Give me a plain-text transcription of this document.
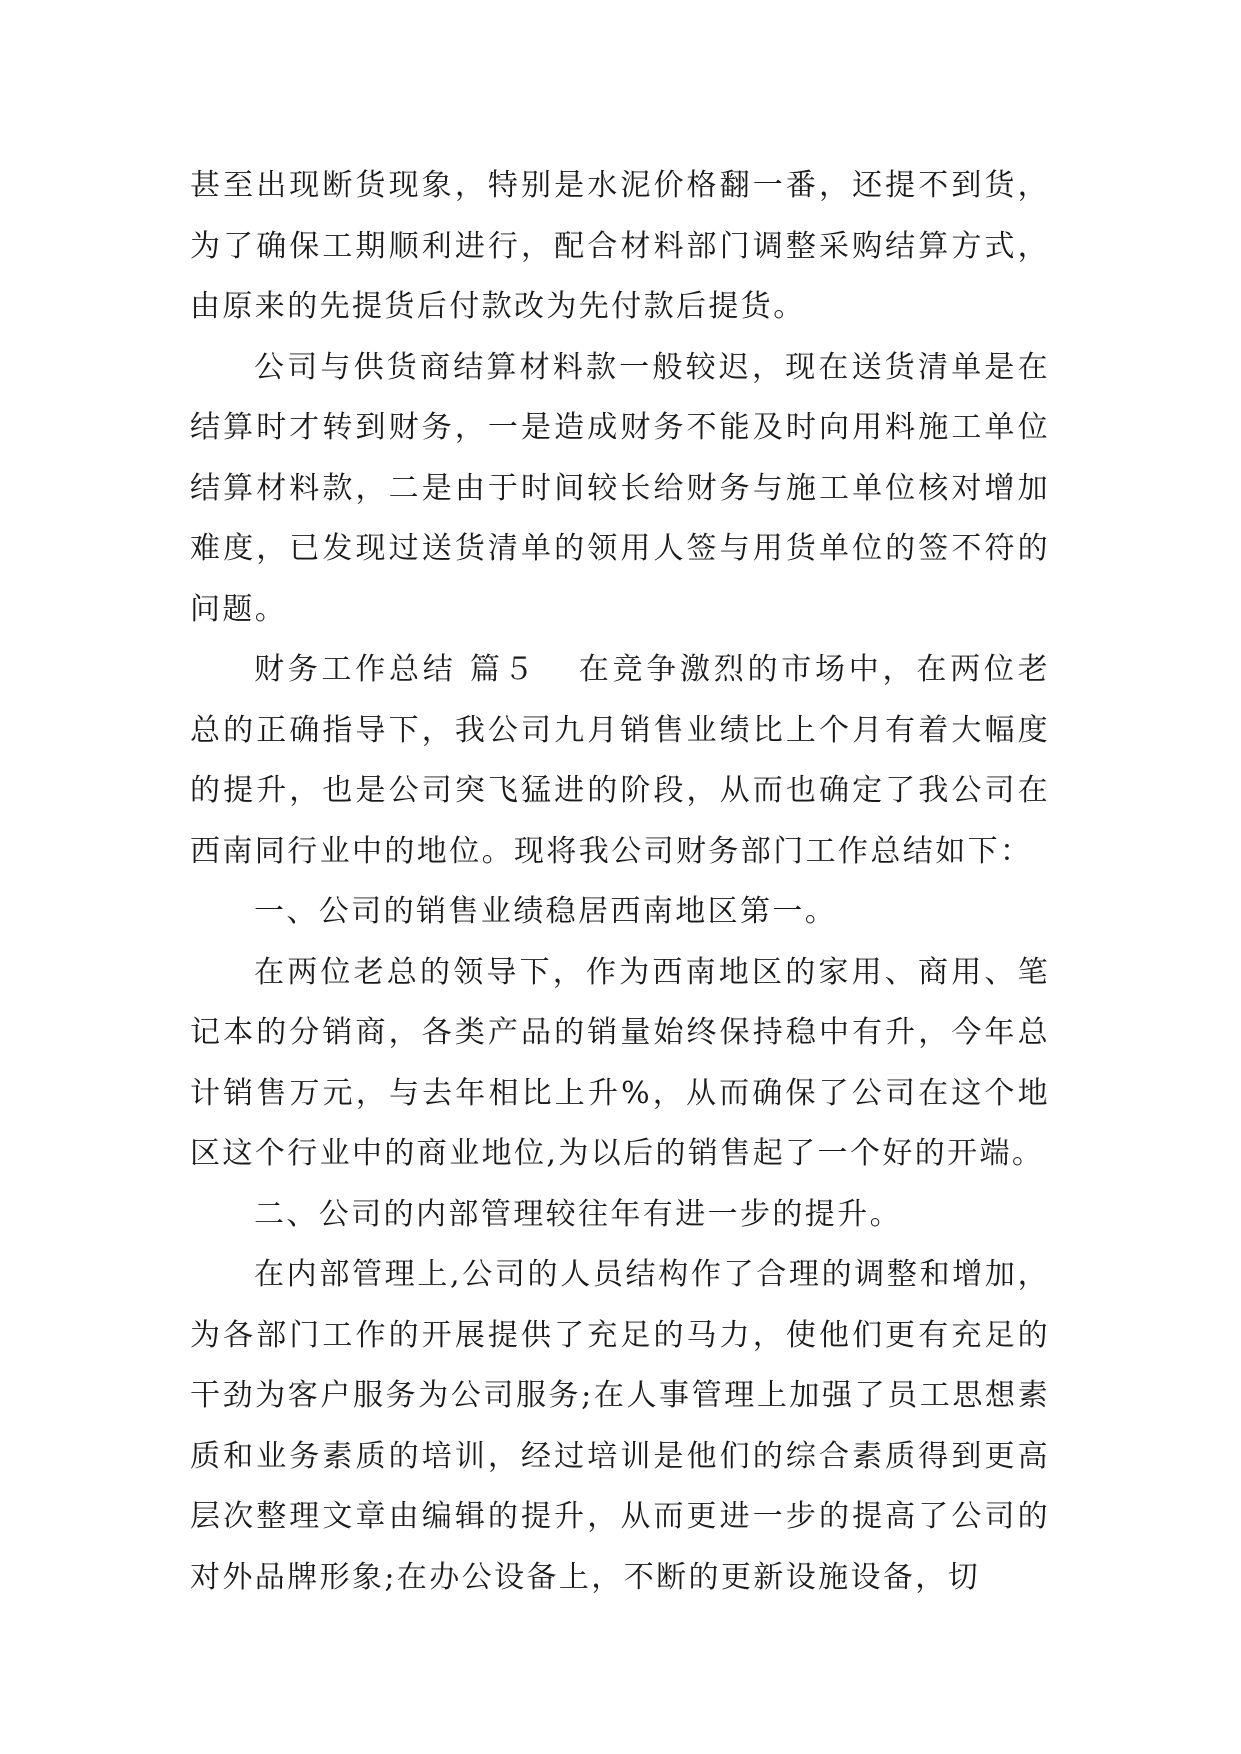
甚至出现断货现象，特别是水泥价格翻一番，还提不到货，为了确保工期顺利进行，配合材料部门调整采购结算方式，由原来的先提货后付款改为先付款后提货。

公司与供货商结算材料款一般较迟，现在送货清单是在结算时才转到财务，一是造成财务不能及时向用料施工单位结算材料款，二是由于时间较长给财务与施工单位核对增加难度，已发现过送货清单的领用人签与用货单位的签不符的问题。

财务工作总结 篇５ 在竞争激烈的市场中，在两位老总的正确指导下，我公司九月销售业绩比上个月有着大幅度的提升，也是公司突飞猛进的阶段，从而也确定了我公司在西南同行业中的地位。现将我公司财务部门工作总结如下：

一、公司的销售业绩稳居西南地区第一。

在两位老总的领导下，作为西南地区的家用、商用、笔记本的分销商，各类产品的销量始终保持稳中有升，今年总计销售万元，与去年相比上升%，从而确保了公司在这个地区这个行业中的商业地位,为以后的销售起了一个好的开端。

二、公司的内部管理较往年有进一步的提升。

在内部管理上,公司的人员结构作了合理的调整和增加，为各部门工作的开展提供了充足的马力，使他们更有充足的干劲为客户服务为公司服务;在人事管理上加强了员工思想素质和业务素质的培训，经过培训是他们的综合素质得到更高层次整理文章由编辑的提升，从而更进一步的提高了公司的对外品牌形象;在办公设备上，不断的更新设施设备，切
